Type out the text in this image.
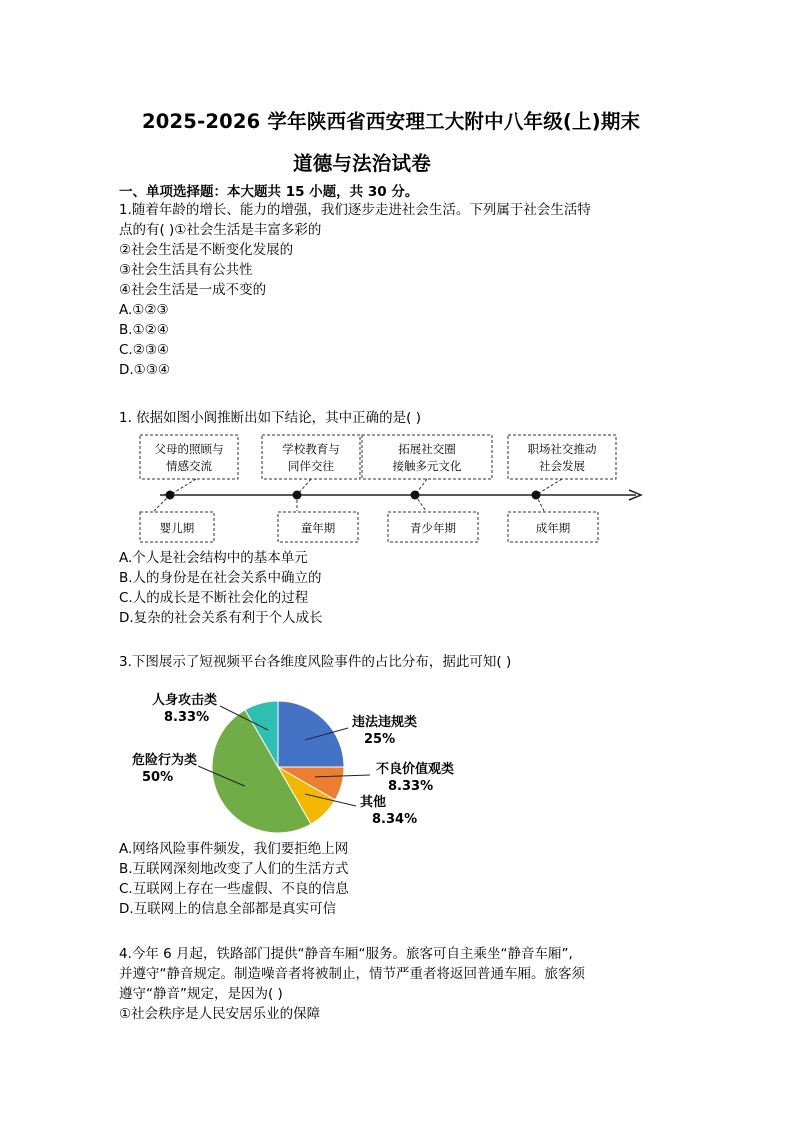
2025-2026 学年陕西省西安理工大附中八年级(上)期末
道德与法治试卷
一、单项选择题：本大题共 15 小题，共 30 分。
1.随着年龄的增长、能力的增强，我们逐步走进社会生活。下列属于社会生活特
点的有( )①社会生活是丰富多彩的
②社会生活是不断变化发展的
③社会生活具有公共性
④社会生活是一成不变的
A.①②③
B.①②④
C.②③④
D.①③④
1. 依据如图小阆推断出如下结论，其中正确的是( )
父母的照顾与
情感交流
学校教育与
同伴交往
拓展社交圈
接触多元文化
职场社交推动
社会发展
婴儿期	童年期	青少年期	成年期
A.个人是社会结构中的基本单元
B.人的身份是在社会关系中确立的
C.人的成长是不断社会化的过程
D.复杂的社会关系有利于个人成长
3.下图展示了短视频平台各维度风险事件的占比分布，据此可知( )
违法违规类
25%
不良价值观类
8.33%
其他
8.34%
危险行为类
50%
人身攻击类
8.33%
A.网络风险事件频发，我们要拒绝上网
B.互联网深刻地改变了人们的生活方式
C.互联网上存在一些虚假、不良的信息
D.互联网上的信息全部都是真实可信
4.今年 6 月起，铁路部门提供“静音车厢“服务。旅客可自主乘坐“静音车厢”,
并遵守“静音规定。制造噪音者将被制止，情节严重者将返回普通车厢。旅客须
遵守“静音”规定，是因为( )
①社会秩序是人民安居乐业的保障
